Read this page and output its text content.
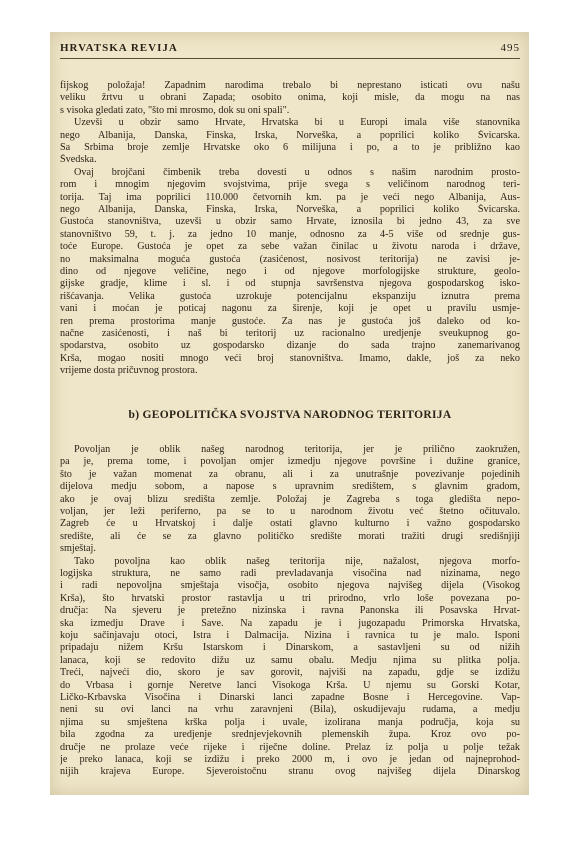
HRVATSKA REVIJA	495
fijskog položaja! Zapadnim narodima trebalo bi neprestano isticati ovu našu
veliku žrtvu u obrani Zapada; osobito onima, koji misle, da mogu na nas
s visoka gledati zato, "što mi mrosmo, dok su oni spali".
Uzevši u obzir samo Hrvate, Hrvatska bi u Europi imala više stanovnika
nego Albanija, Danska, Finska, Irska, Norveška, a poprilici koliko Švicarska.
Sa Srbima broje zemlje Hrvatske oko 6 milijuna i po, a to je približno kao
Švedska.
Ovaj brojčani čimbenik treba dovesti u odnos s našim narodnim prosto-
rom i mnogim njegovim svojstvima, prije svega s veličinom narodnog teri-
torija. Taj ima poprilici 110.000 četvornih km. pa je veći nego Albanija, Aus-
nego Albanija, Danska, Finska, Irska, Norveška, a poprilici koliko Švicarska.
Gustoća stanovništva, uzevši u obzir samo Hrvate, iznosila bi jedno 43, za sve
stanovništvo 59, t. j. za jedno 10 manje, odnosno za 4-5 više od srednje gus-
toće Europe. Gustoća je opet za sebe važan činilac u životu naroda i države,
no maksimalna moguća gustoća (zasićenost, nosivost teritorija) ne zavisi je-
dino od njegove veličine, nego i od njegove morfologijske strukture, geolo-
gijske gradje, klime i sl. i od stupnja savršenstva njegova gospodarskog isko-
rišćavanja. Velika gustoća uzrokuje potencijalnu ekspanziju iznutra prema
vani i moćan je poticaj nagonu za širenje, koji je opet u pravilu usmje-
ren prema prostorima manje gustoće. Za nas je gustoća još daleko od ko-
načne zasićenosti, i naš bi teritorij uz racionalno uredjenje sveukupnog go-
spodarstva, osobito uz gospodarsko dizanje do sada trajno zanemarivanog
Krša, mogao nositi mnogo veći broj stanovništva. Imamo, dakle, još za neko
vrijeme dosta pričuvnog prostora.
Povoljan je oblik našeg narodnog teritorija, jer je prilično zaokružen,
pa je, prema tome, i povoljan omjer izmedju njegove površine i dužine granice,
što je važan momenat za obranu, ali i za unutrašnje povezivanje pojedinih
dijelova medju sobom, a napose s upravnim središtem, s glavnim gradom,
ako je ovaj blizu središta zemlje. Položaj je Zagreba s toga gledišta nepo-
voljan, jer leži periferno, pa se to u narodnom životu već štetno očituvalo.
Zagreb će u Hrvatskoj i dalje ostati glavno kulturno i važno gospodarsko
središte, ali će se za glavno političko središte morati tražiti drugi središnjiji
smještaj.
Tako povoljna kao oblik našeg teritorija nije, nažalost, njegova morfo-
logijska struktura, ne samo radi prevladavanja visočina nad nizinama, nego
i radi nepovoljna smještaja visočja, osobito njegova najvišeg dijela (Visokog
Krša), što hrvatski prostor rastavlja u tri prirodno, vrlo loše povezana po-
dručja: Na sjeveru je pretežno nizinska i ravna Panonska ili Posavska Hrvat-
ska izmedju Drave i Save. Na zapadu je i jugozapadu Primorska Hrvatska,
koju sačinjavaju otoci, Istra i Dalmacija. Nizina i ravnica tu je malo. Isponi
pripadaju nižem Kršu Istarskom i Dinarskom, a sastavljeni su od nižih
lanaca, koji se redovito dižu uz samu obalu. Medju njima su plitka polja.
Treći, najveći dio, skoro je sav gorovit, najviši na zapadu, gdje se izdižu
do Vrbasa i gornje Neretve lanci Visokoga Krša. U njemu su Gorski Kotar,
Ličko-Krbavska Visočina i Dinarski lanci zapadne Bosne i Hercegovine. Vap-
neni su ovi lanci na vrhu zaravnjeni (Bila), oskudijevaju rudama, a medju
njima su smještena krška polja i uvale, izolirana manja područja, koja su
bila zgodna za uredjenje srednjevjekovnih plemenskih župa. Kroz ovo po-
dručje ne prolaze veće rijeke i riječne doline. Prelaz iz polja u polje težak
je preko lanaca, koji se izdižu i preko 2000 m, i ovo je jedan od najneprohod-
nijih krajeva Europe. Sjeveroistočnu stranu ovog najvišeg dijela Dinarskog
b) GEOPOLITIČKA SVOJSTVA NARODNOG TERITORIJA
